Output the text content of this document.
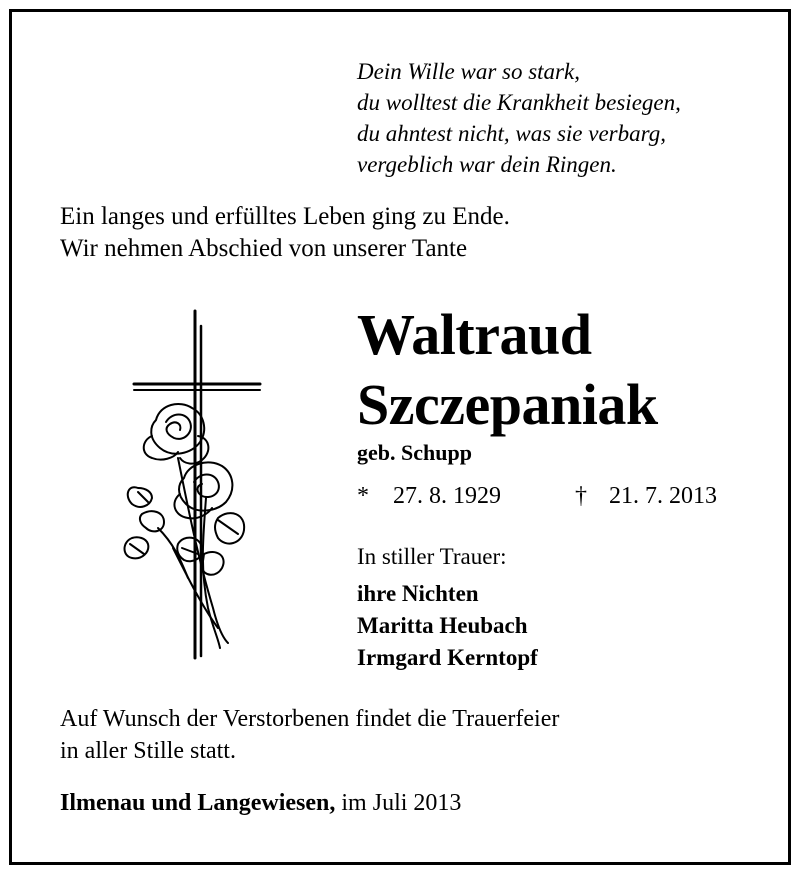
Dein Wille war so stark,
du wolltest die Krankheit besiegen,
du ahntest nicht, was sie verbarg,
vergeblich war dein Ringen.
Ein langes und erfülltes Leben ging zu Ende.
Wir nehmen Abschied von unserer Tante
Waltraud
Szczepaniak
geb. Schupp
* 27. 8. 1929	† 21. 7. 2013
In stiller Trauer:
ihre Nichten
Maritta Heubach
Irmgard Kerntopf
Auf Wunsch der Verstorbenen findet die Trauerfeier
in aller Stille statt.
Ilmenau und Langewiesen, im Juli 2013
